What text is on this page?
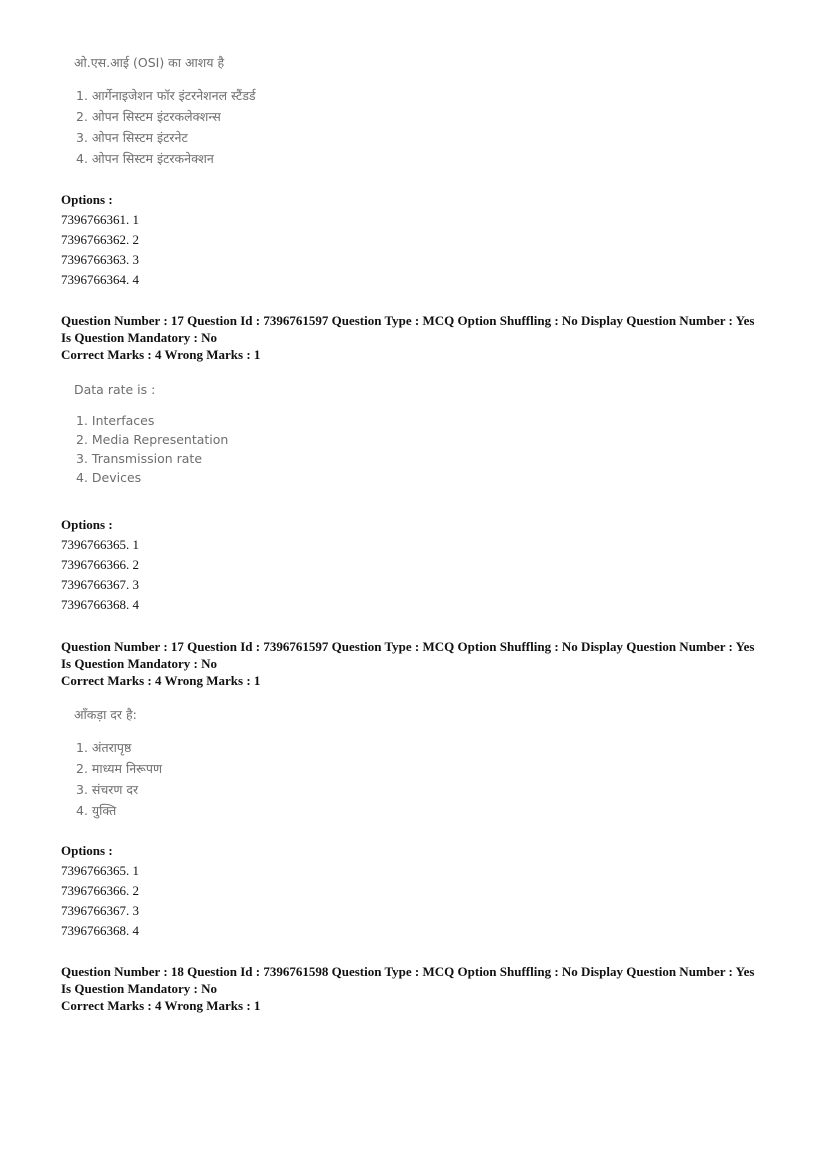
ओ.एस.आई (OSI) का आशय है
1. आर्गेनाइजेशन फॉर इंटरनेशनल स्टैंडर्ड
2. ओपन सिस्टम इंटरकलेक्शन्स
3. ओपन सिस्टम इंटरनेट
4. ओपन सिस्टम इंटरकनेक्शन
Options :
7396766361. 1
7396766362. 2
7396766363. 3
7396766364. 4
Question Number : 17 Question Id : 7396761597 Question Type : MCQ Option Shuffling : No Display Question Number : Yes
Is Question Mandatory : No
Correct Marks : 4 Wrong Marks : 1
Data rate is :
1. Interfaces
2. Media Representation
3. Transmission rate
4. Devices
Options :
7396766365. 1
7396766366. 2
7396766367. 3
7396766368. 4
Question Number : 17 Question Id : 7396761597 Question Type : MCQ Option Shuffling : No Display Question Number : Yes
Is Question Mandatory : No
Correct Marks : 4 Wrong Marks : 1
आँकड़ा दर है:
1. अंतरापृष्ठ
2. माध्यम निरूपण
3. संचरण दर
4. युक्ति
Options :
7396766365. 1
7396766366. 2
7396766367. 3
7396766368. 4
Question Number : 18 Question Id : 7396761598 Question Type : MCQ Option Shuffling : No Display Question Number : Yes
Is Question Mandatory : No
Correct Marks : 4 Wrong Marks : 1
